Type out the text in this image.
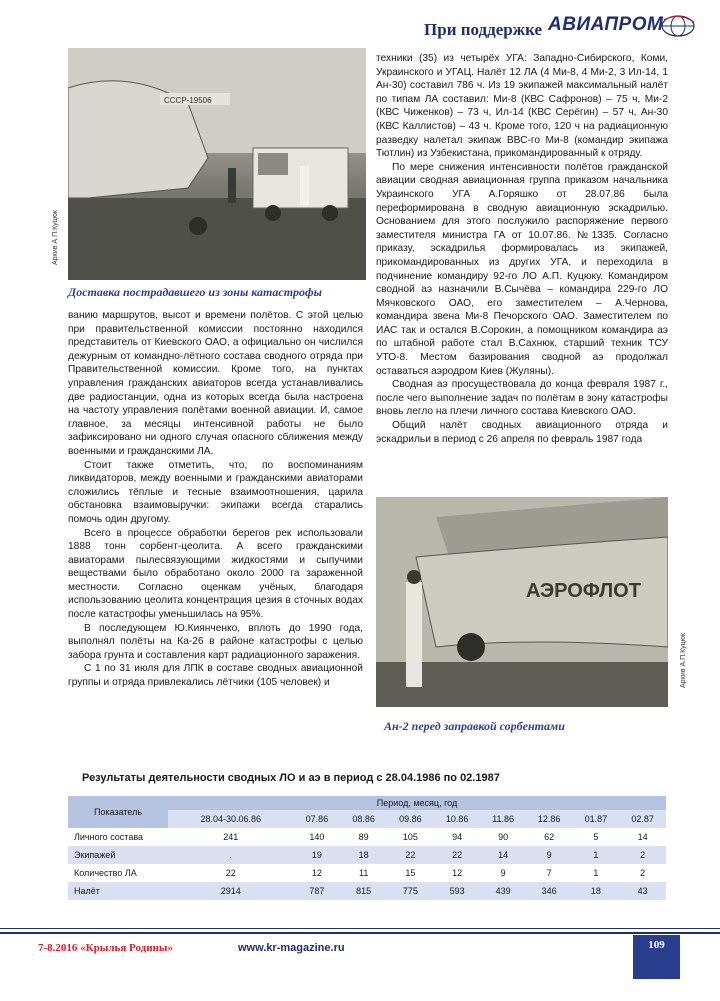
При поддержке АВИАПРОМ
СССР-19506
Архив А.П.Куцюк
Доставка пострадавшего из зоны катастрофы

ванию маршрутов, высот и времени полётов. С этой целью при правительственной комиссии постоянно находился представитель от Киевского ОАО, а официально он числился дежурным от командно-лётного состава сводного отряда при Правительственной комиссии. Кроме того, на пунктах управления гражданских авиаторов всегда устанавливались две радиостанции, одна из которых всегда была настроена на частоту управления полётами военной авиации. И, самое главное, за месяцы интенсивной работы не было зафиксировано ни одного случая опасного сближения между военными и гражданскими ЛА.

Стоит также отметить, что, по воспоминаниям ликвидаторов, между военными и гражданскими авиаторами сложились тёплые и тесные взаимоотношения, царила обстановка взаимовыручки: экипажи всегда старались помочь один другому.

Всего в процессе обработки берегов рек использовали 1888 тонн сорбент-цеолита. А всего гражданскими авиаторами пылесвязующими жидкостями и сыпучими веществами было обработано около 2000 га зараженной местности. Согласно оценкам учёных, благодаря использованию цеолита концентрация цезия в сточных водах после катастрофы уменьшилась на 95%.

В последующем Ю.Киянченко, вплоть до 1990 года, выполнял полёты на Ка-26 в районе катастрофы с целью забора грунта и составления карт радиационного заражения.

С 1 по 31 июля для ЛПК в составе сводных авиационной группы и отряда привлекались лётчики (105 человек) и

техники (35) из четырёх УГА: Западно-Сибирского, Коми, Украинского и УГАЦ. Налёт 12 ЛА (4 Ми-8, 4 Ми-2, 3 Ил-14, 1 Ан-30) составил 786 ч. Из 19 экипажей максимальный налёт по типам ЛА составил: Ми-8 (КВС Сафронов) – 75 ч, Ми-2 (КВС Чиженков) – 73 ч, Ил-14 (КВС Серёгин) – 57 ч, Ан-30 (КВС Каллистов) – 43 ч. Кроме того, 120 ч на радиационную разведку налетал экипаж ВВС-го Ми-8 (командир экипажа Тютлин) из Узбекистана, прикомандированный к отряду.

По мере снижения интенсивности полётов гражданской авиации сводная авиационная группа приказом начальника Украинского УГА А.Горяшко от 28.07.86 была переформирована в сводную авиационную эскадрилью. Основанием для этого послужило распоряжение первого заместителя министра ГА от 10.07.86. №1335. Согласно приказу, эскадрилья формировалась из экипажей, прикомандированных из других УГА, и переходила в подчинение командиру 92-го ЛО А.П. Куцюку. Командиром сводной аэ назначили В.Сычёва – командира 229-го ЛО Мячковского ОАО, его заместителем – А.Чернова, командира звена Ми-8 Печорского ОАО. Заместителем по ИАС так и остался В.Сорокин, а помощником командира аэ по штабной работе стал В.Сахнюк, старший техник ТСУ УТО-8. Местом базирования сводной аэ продолжал оставаться аэродром Киев (Жуляны).

Сводная аэ просуществовала до конца февраля 1987 г., после чего выполнение задач по полётам в зону катастрофы вновь легло на плечи личного состава Киевского ОАО.

Общий налёт сводных авиационного отряда и эскадрильи в период с 26 апреля по февраль 1987 года

АЭРОФЛОТ
Архив А.П.Куцюк
Ан-2 перед заправкой сорбентами
Результаты деятельности сводных ЛО и аэ в период с 28.04.1986 по 02.1987
Показатель	Период, месяц, год								
	28.04-30.06.86	07.86	08.86	09.86	10.86	11.86	12.86	01.87	02.87
Личного состава	241	140	89	105	94	90	62	5	14
Экипажей	.	19	18	22	22	14	9	1	2
Количество ЛА	22	12	11	15	12	9	7	1	2
Налёт	2914	787	815	775	593	439	346	18	43
7-8.2016 «Крылья Родины»	www.kr-magazine.ru	109
